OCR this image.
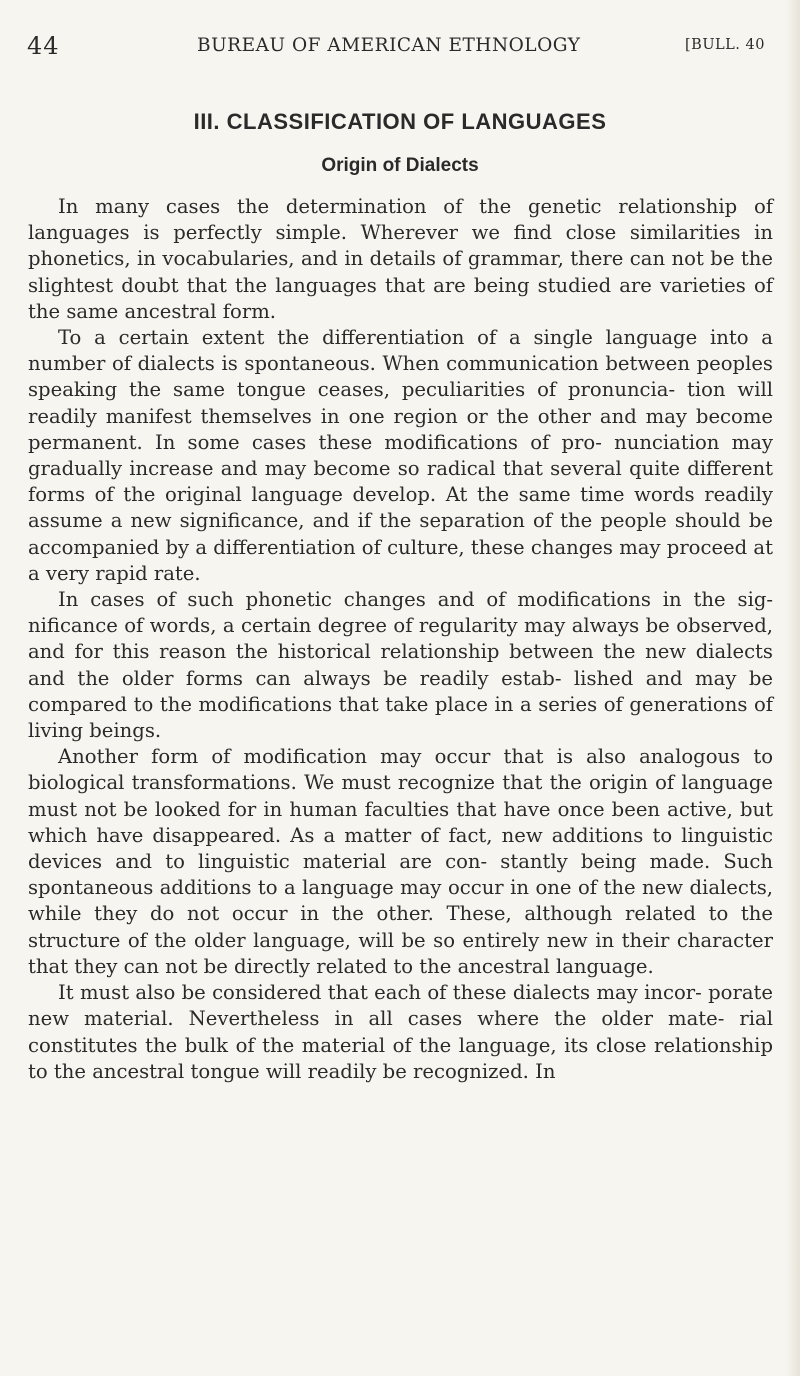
44	BUREAU OF AMERICAN ETHNOLOGY	[BULL. 40
III. CLASSIFICATION OF LANGUAGES
Origin of Dialects

In many cases the determination of the genetic relationship of languages is perfectly simple. Wherever we find close similarities in phonetics, in vocabularies, and in details of grammar, there can not be the slightest doubt that the languages that are being studied are varieties of the same ancestral form.

To a certain extent the differentiation of a single language into a number of dialects is spontaneous. When communication between peoples speaking the same tongue ceases, peculiarities of pronuncia- tion will readily manifest themselves in one region or the other and may become permanent. In some cases these modifications of pro- nunciation may gradually increase and may become so radical that several quite different forms of the original language develop. At the same time words readily assume a new significance, and if the separation of the people should be accompanied by a differentiation of culture, these changes may proceed at a very rapid rate.

In cases of such phonetic changes and of modifications in the sig- nificance of words, a certain degree of regularity may always be observed, and for this reason the historical relationship between the new dialects and the older forms can always be readily estab- lished and may be compared to the modifications that take place in a series of generations of living beings.

Another form of modification may occur that is also analogous to biological transformations. We must recognize that the origin of language must not be looked for in human faculties that have once been active, but which have disappeared. As a matter of fact, new additions to linguistic devices and to linguistic material are con- stantly being made. Such spontaneous additions to a language may occur in one of the new dialects, while they do not occur in the other. These, although related to the structure of the older language, will be so entirely new in their character that they can not be directly related to the ancestral language.

It must also be considered that each of these dialects may incor- porate new material. Nevertheless in all cases where the older mate- rial constitutes the bulk of the material of the language, its close relationship to the ancestral tongue will readily be recognized. In
